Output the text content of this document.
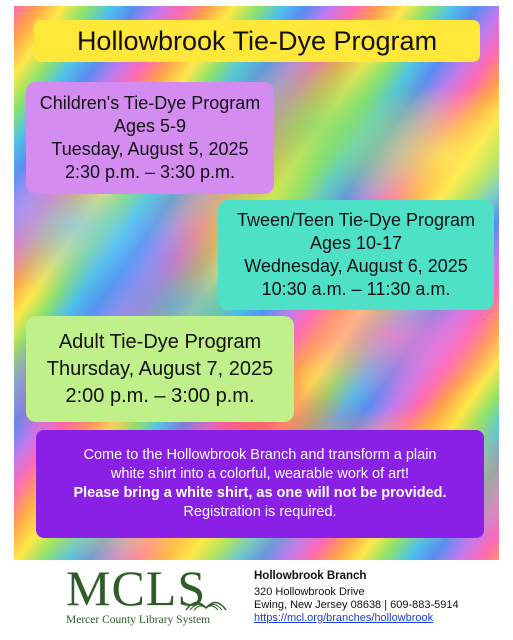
Hollowbrook Tie-Dye Program
Children's Tie-Dye Program
Ages 5-9
Tuesday, August 5, 2025
2:30 p.m. – 3:30 p.m.
Tween/Teen Tie-Dye Program
Ages 10-17
Wednesday, August 6, 2025
10:30 a.m. – 11:30 a.m.
Adult Tie-Dye Program
Thursday, August 7, 2025
2:00 p.m. – 3:00 p.m.
Come to the Hollowbrook Branch and transform a plain
white shirt into a colorful, wearable work of art!
Please bring a white shirt, as one will not be provided.
Registration is required.
MCLS
Mercer County Library System
Hollowbrook Branch
320 Hollowbrook Drive
Ewing, New Jersey 08638 | 609-883-5914
https://mcl.org/branches/hollowbrook
